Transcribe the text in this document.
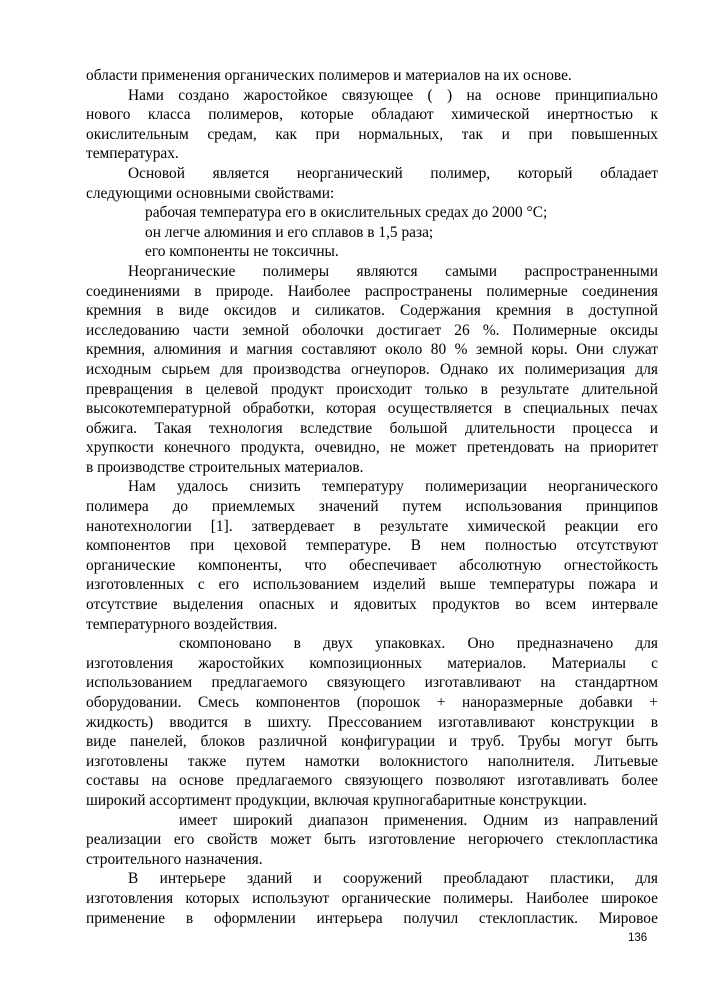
области применения органических полимеров и материалов на их основе.
Нами создано жаростойкое связующее ( ) на основе принципиально
нового класса полимеров, которые обладают химической инертностью к
окислительным средам, как при нормальных, так и при повышенных
температурах.
Основой является неорганический полимер, который обладает
следующими основными свойствами:
рабочая температура его в окислительных средах до 2000 °С;
он легче алюминия и его сплавов в 1,5 раза;
его компоненты не токсичны.
Неорганические полимеры являются самыми распространенными
соединениями в природе. Наиболее распространены полимерные соединения
кремния в виде оксидов и силикатов. Содержания кремния в доступной
исследованию части земной оболочки достигает 26 %. Полимерные оксиды
кремния, алюминия и магния составляют около 80 % земной коры. Они служат
исходным сырьем для производства огнеупоров. Однако их полимеризация для
превращения в целевой продукт происходит только в результате длительной
высокотемпературной обработки, которая осуществляется в специальных печах
обжига. Такая технология вследствие большой длительности процесса и
хрупкости конечного продукта, очевидно, не может претендовать на приоритет
в производстве строительных материалов.
Нам удалось снизить температуру полимеризации неорганического
полимера до приемлемых значений путем использования принципов
нанотехнологии [1]. затвердевает в результате химической реакции его
компонентов при цеховой температуре. В нем полностью отсутствуют
органические компоненты, что обеспечивает абсолютную огнестойкость
изготовленных с его использованием изделий выше температуры пожара и
отсутствие выделения опасных и ядовитых продуктов во всем интервале
температурного воздействия.
скомпоновано в двух упаковках. Оно предназначено для
изготовления жаростойких композиционных материалов. Материалы с
использованием предлагаемого связующего изготавливают на стандартном
оборудовании. Смесь компонентов (порошок + наноразмерные добавки +
жидкость) вводится в шихту. Прессованием изготавливают конструкции в
виде панелей, блоков различной конфигурации и труб. Трубы могут быть
изготовлены также путем намотки волокнистого наполнителя. Литьевые
составы на основе предлагаемого связующего позволяют изготавливать более
широкий ассортимент продукции, включая крупногабаритные конструкции.
имеет широкий диапазон применения. Одним из направлений
реализации его свойств может быть изготовление негорючего стеклопластика
строительного назначения.
В интерьере зданий и сооружений преобладают пластики, для
изготовления которых используют органические полимеры. Наиболее широкое
применение в оформлении интерьера получил стеклопластик. Мировое
136
